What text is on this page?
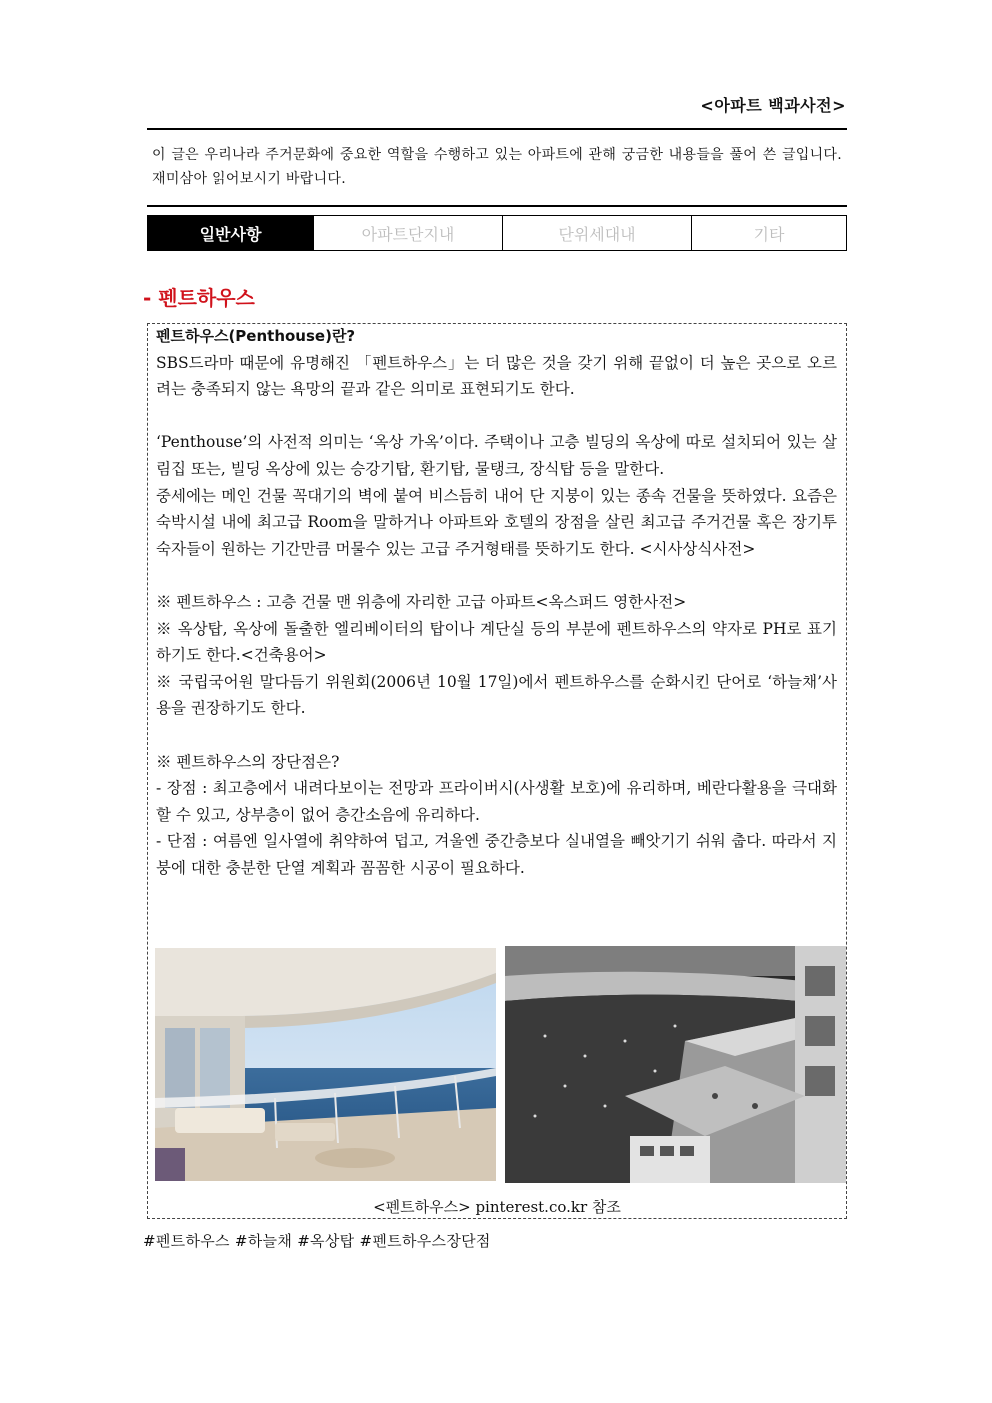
<아파트 백과사전>
이 글은 우리나라 주거문화에 중요한 역할을 수행하고 있는 아파트에 관해 궁금한 내용들을 풀어 쓴 글입니다. 재미삼아 읽어보시기 바랍니다.
일반사항	아파트단지내	단위세대내	기타
- 펜트하우스

펜트하우스(Penthouse)란?

SBS드라마 때문에 유명해진 「펜트하우스」는 더 많은 것을 갖기 위해 끝없이 더 높은 곳으로 오르려는 충족되지 않는 욕망의 끝과 같은 의미로 표현되기도 한다.

‘Penthouse’의 사전적 의미는 ‘옥상 가옥’이다. 주택이나 고층 빌딩의 옥상에 따로 설치되어 있는 살림집 또는, 빌딩 옥상에 있는 승강기탑, 환기탑, 물탱크, 장식탑 등을 말한다.

중세에는 메인 건물 꼭대기의 벽에 붙여 비스듬히 내어 단 지붕이 있는 종속 건물을 뜻하였다. 요즘은 숙박시설 내에 최고급 Room을 말하거나 아파트와 호텔의 장점을 살린 최고급 주거건물 혹은 장기투숙자들이 원하는 기간만큼 머물수 있는 고급 주거형태를 뜻하기도 한다. <시사상식사전>

※ 펜트하우스 : 고층 건물 맨 위층에 자리한 고급 아파트<옥스퍼드 영한사전>

※ 옥상탑, 옥상에 돌출한 엘리베이터의 탑이나 계단실 등의 부분에 펜트하우스의 약자로 PH로 표기하기도 한다.<건축용어>

※ 국립국어원 말다듬기 위원회(2006년 10월 17일)에서 펜트하우스를 순화시킨 단어로 ‘하늘채’사용을 권장하기도 한다.

※ 펜트하우스의 장단점은?

- 장점 : 최고층에서 내려다보이는 전망과 프라이버시(사생활 보호)에 유리하며, 베란다활용을 극대화할 수 있고, 상부층이 없어 층간소음에 유리하다.

- 단점 : 여름엔 일사열에 취약하여 덥고, 겨울엔 중간층보다 실내열을 빼앗기기 쉬워 춥다. 따라서 지붕에 대한 충분한 단열 계획과 꼼꼼한 시공이 필요하다.

<펜트하우스> pinterest.co.kr 참조
#펜트하우스 #하늘채 #옥상탑 #펜트하우스장단점
